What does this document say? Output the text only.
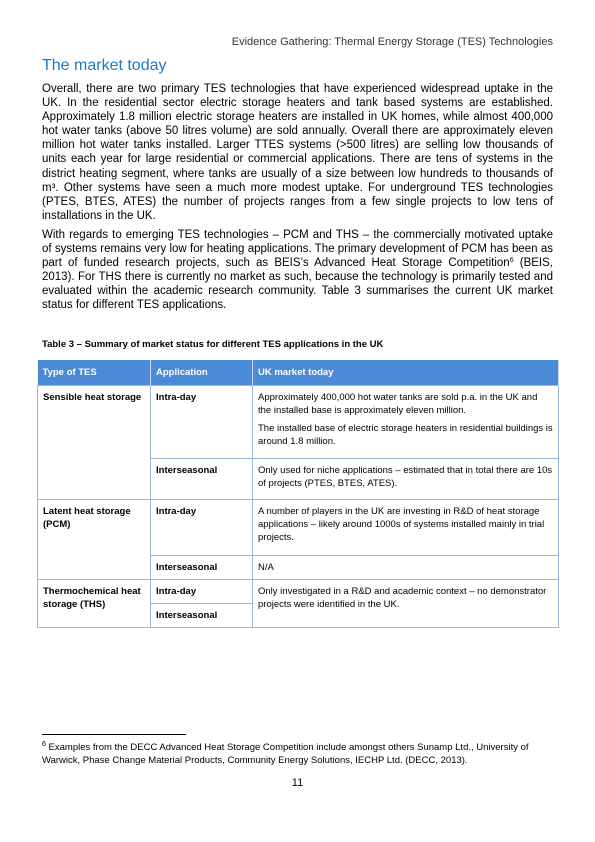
Evidence Gathering: Thermal Energy Storage (TES) Technologies
The market today

Overall, there are two primary TES technologies that have experienced widespread uptake in the UK. In the residential sector electric storage heaters and tank based systems are established. Approximately 1.8 million electric storage heaters are installed in UK homes, while almost 400,000 hot water tanks (above 50 litres volume) are sold annually. Overall there are approximately eleven million hot water tanks installed. Larger TTES systems (>500 litres) are selling low thousands of units each year for large residential or commercial applications. There are tens of systems in the district heating segment, where tanks are usually of a size between low hundreds to thousands of m³. Other systems have seen a much more modest uptake. For underground TES technologies (PTES, BTES, ATES) the number of projects ranges from a few single projects to low tens of installations in the UK.

With regards to emerging TES technologies – PCM and THS – the commercially motivated uptake of systems remains very low for heating applications. The primary development of PCM has been as part of funded research projects, such as BEIS’s Advanced Heat Storage Competition$^6$ (BEIS, 2013). For THS there is currently no market as such, because the technology is primarily tested and evaluated within the academic research community. Table 3 summarises the current UK market status for different TES applications.

Table 3 – Summary of market status for different TES applications in the UK
Type of TES	Application	UK market today
Sensible heat storage	Intra-day	Approximately 400,000 hot water tanks are sold p.a. in the UK and the installed base is approximately eleven million.

The installed base of electric storage heaters in residential buildings is around 1.8 million.

	Interseasonal	Only used for niche applications – estimated that in total there are 10s of projects (PTES, BTES, ATES).
Latent heat storage (PCM)	Intra-day	A number of players in the UK are investing in R&D of heat storage applications – likely around 1000s of systems installed mainly in trial projects.
	Interseasonal	N/A
Thermochemical heat storage (THS)	Intra-day	Only investigated in a R&D and academic context – no demonstrator projects were identified in the UK.
	Interseasonal	

$^6$ Examples from the DECC Advanced Heat Storage Competition include amongst others Sunamp Ltd., University of Warwick, Phase Change Material Products, Community Energy Solutions, IECHP Ltd. (DECC, 2013).

11
